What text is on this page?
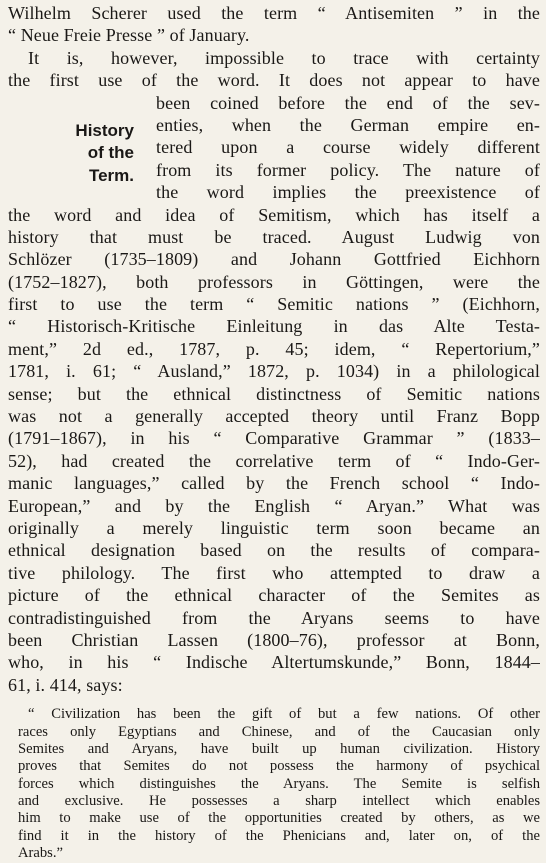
History
of the
Term.
Wilhelm Scherer used the term “ Antisemiten ” in the
“ Neue Freie Presse ” of January.
It is, however, impossible to trace with certainty
the first use of the word. It does not appear to have
been coined before the end of the sev-
enties, when the German empire en-
tered upon a course widely different
from its former policy. The nature of
the word implies the preexistence of
the word and idea of Semitism, which has itself a
history that must be traced. August Ludwig von
Schlözer (1735–1809) and Johann Gottfried Eichhorn
(1752–1827), both professors in Göttingen, were the
first to use the term “ Semitic nations ” (Eichhorn,
“ Historisch-Kritische Einleitung in das Alte Testa-
ment,” 2d ed., 1787, p. 45; idem, “ Repertorium,”
1781, i. 61; “ Ausland,” 1872, p. 1034) in a philological
sense; but the ethnical distinctness of Semitic nations
was not a generally accepted theory until Franz Bopp
(1791–1867), in his “ Comparative Grammar ” (1833–
52), had created the correlative term of “ Indo-Ger-
manic languages,” called by the French school “ Indo-
European,” and by the English “ Aryan.” What was
originally a merely linguistic term soon became an
ethnical designation based on the results of compara-
tive philology. The first who attempted to draw a
picture of the ethnical character of the Semites as
contradistinguished from the Aryans seems to have
been Christian Lassen (1800–76), professor at Bonn,
who, in his “ Indische Altertumskunde,” Bonn, 1844–
61, i. 414, says:
“ Civilization has been the gift of but a few nations. Of other
races only Egyptians and Chinese, and of the Caucasian only
Semites and Aryans, have built up human civilization. History
proves that Semites do not possess the harmony of psychical
forces which distinguishes the Aryans. The Semite is selfish
and exclusive. He possesses a sharp intellect which enables
him to make use of the opportunities created by others, as we
find it in the history of the Phenicians and, later on, of the
Arabs.”
